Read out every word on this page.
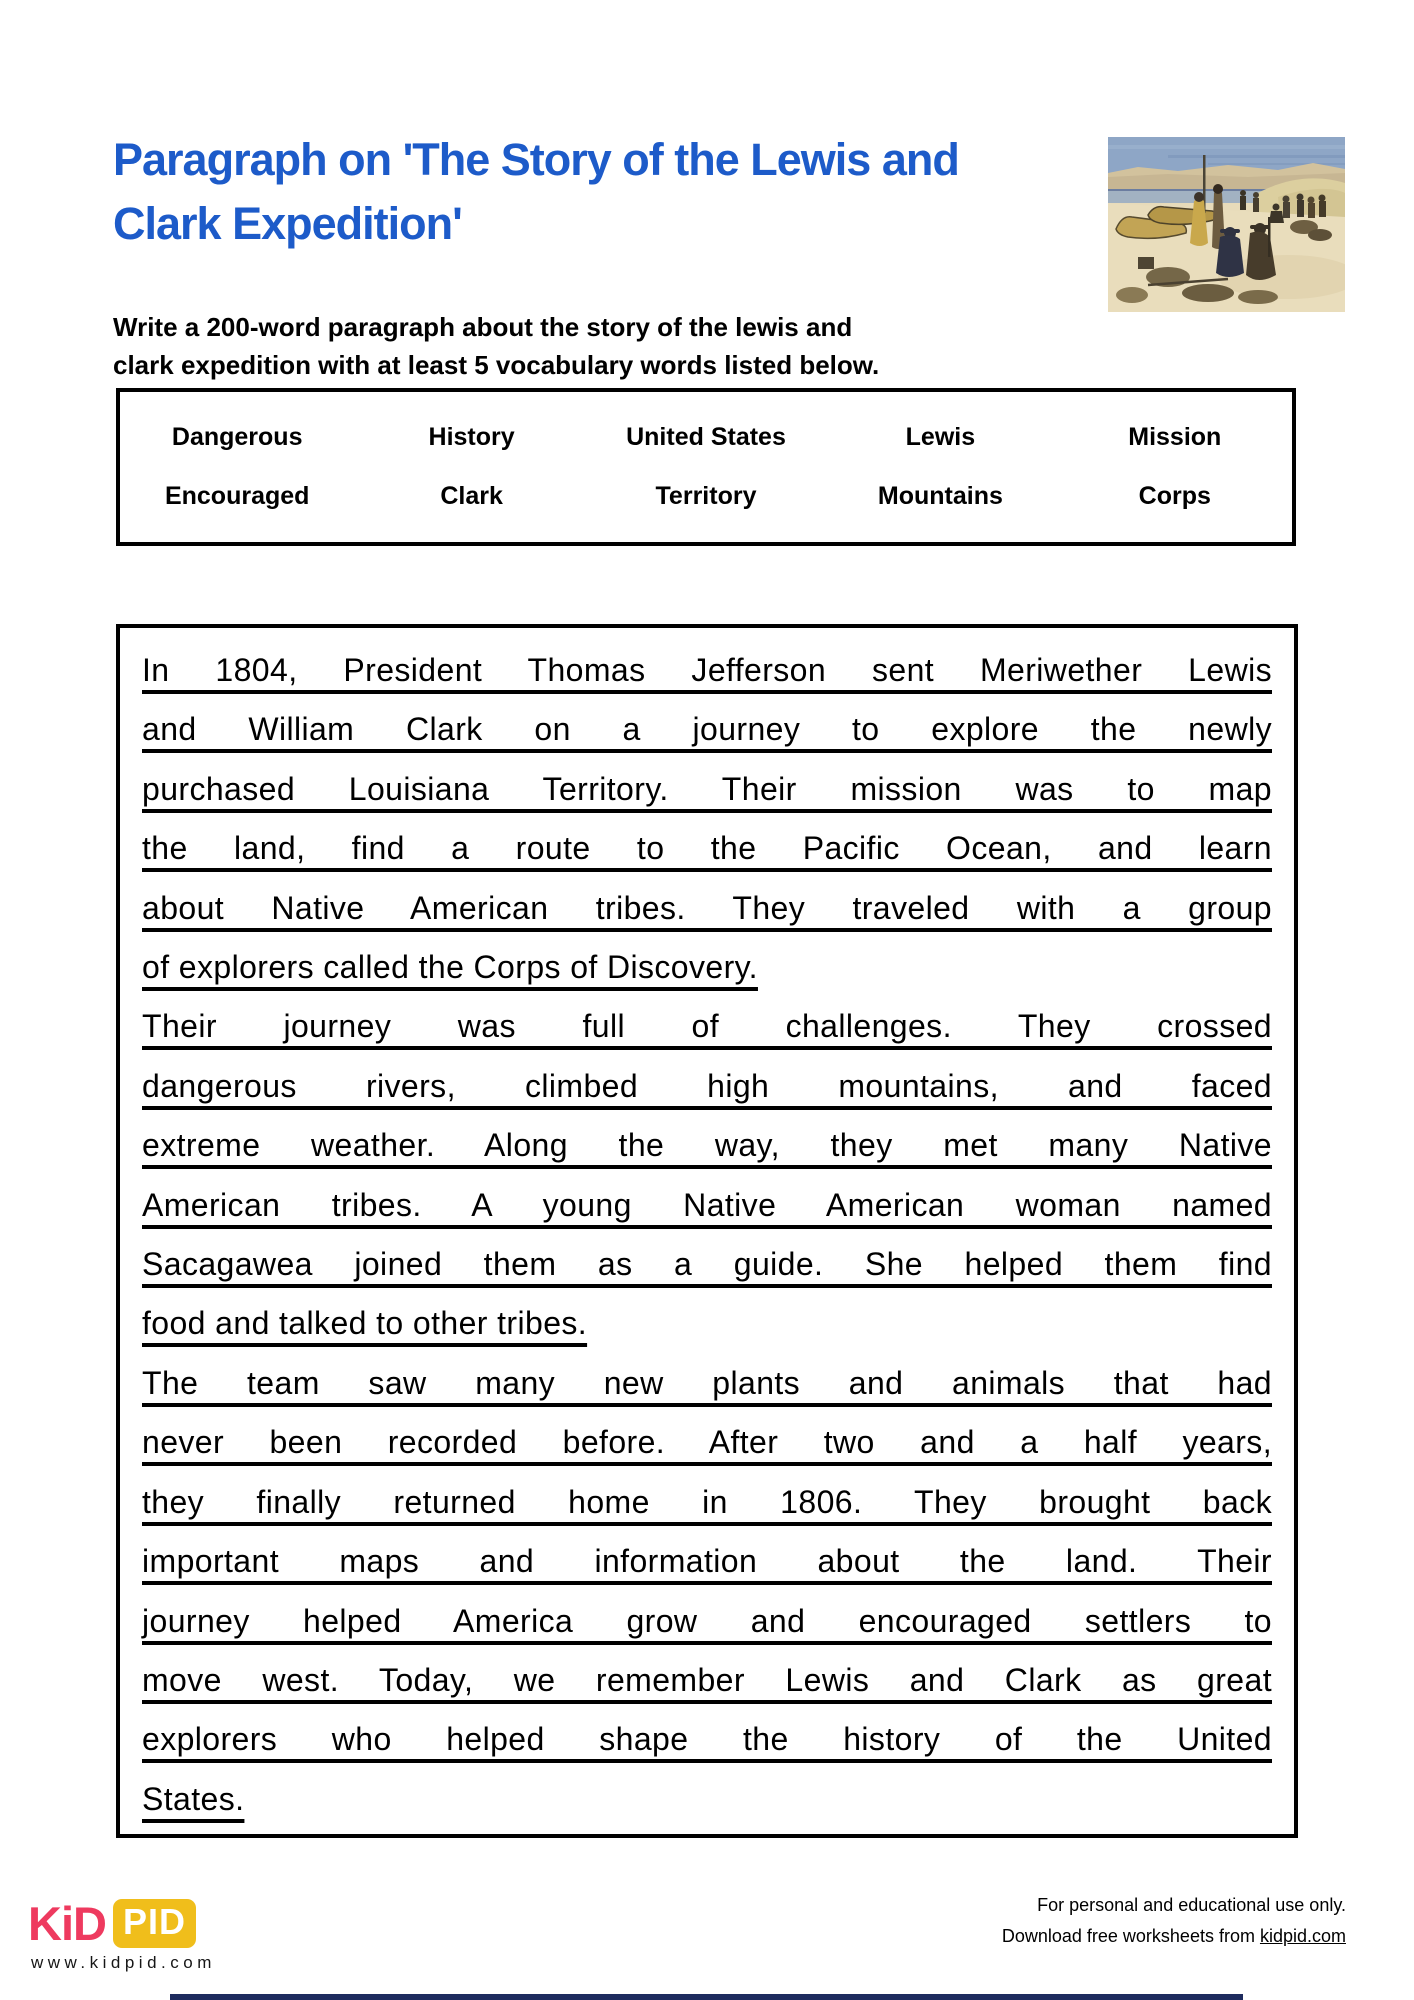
Paragraph on 'The Story of the Lewis and
Clark Expedition'

Write a 200-word paragraph about the story of the lewis and
clark expedition with at least 5 vocabulary words listed below.

Dangerous	History	United States	Lewis	Mission
Encouraged	Clark	Territory	Mountains	Corps
In 1804, President Thomas Jefferson sent Meriwether Lewis
and William Clark on a journey to explore the newly
purchased Louisiana Territory. Their mission was to map
the land, find a route to the Pacific Ocean, and learn
about Native American tribes. They traveled with a group
of explorers called the Corps of Discovery.
Their journey was full of challenges. They crossed
dangerous rivers, climbed high mountains, and faced
extreme weather. Along the way, they met many Native
American tribes. A young Native American woman named
Sacagawea joined them as a guide. She helped them find
food and talked to other tribes.
The team saw many new plants and animals that had
never been recorded before. After two and a half years,
they finally returned home in 1806. They brought back
important maps and information about the land. Their
journey helped America grow and encouraged settlers to
move west. Today, we remember Lewis and Clark as great
explorers who helped shape the history of the United
States.
KiD PID
www.kidpid.com
For personal and educational use only.
Download free worksheets from kidpid.com
